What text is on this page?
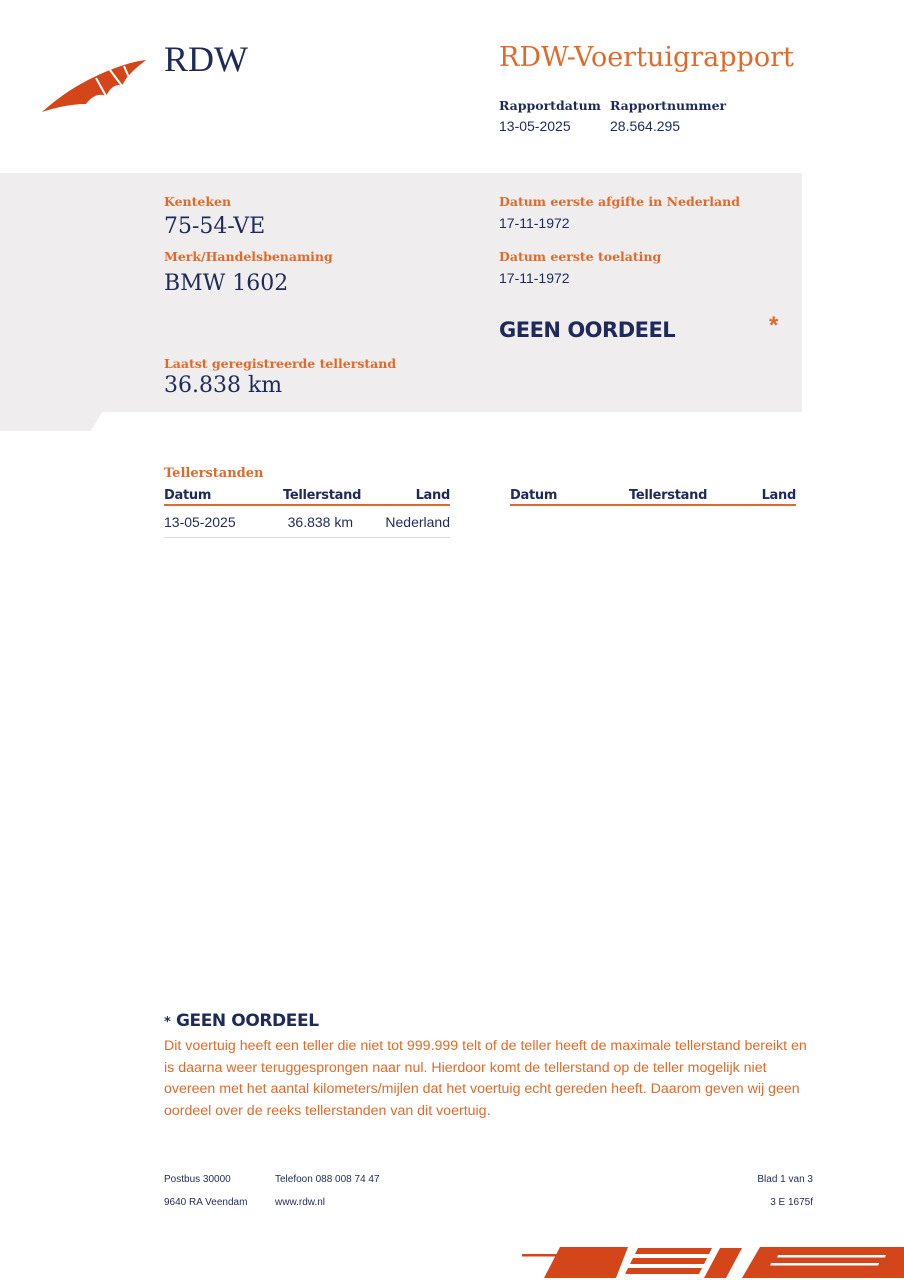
RDW	RDW-Voertuigrapport
Rapportdatum
13-05-2025
Rapportnummer
28.564.295
Kenteken
75-54-VE
Merk/Handelsbenaming
BMW 1602
Datum eerste afgifte in Nederland
17-11-1972
Datum eerste toelating
17-11-1972
GEEN OORDEEL	*
Laatst geregistreerde tellerstand
36.838 km
Tellerstanden
Datum	Tellerstand	Land	Datum	Tellerstand	Land
13-05-2025	36.838 km	Nederland
* GEEN OORDEEL
Dit voertuig heeft een teller die niet tot 999.999 telt of de teller heeft de maximale tellerstand bereikt en is daarna weer teruggesprongen naar nul. Hierdoor komt de tellerstand op de teller mogelijk niet overeen met het aantal kilometers/mijlen dat het voertuig echt gereden heeft. Daarom geven wij geen oordeel over de reeks tellerstanden van dit voertuig.
Postbus 30000
9640 RA Veendam
Telefoon 088 008 74 47
www.rdw.nl
Blad 1 van 3
3 E 1675f
